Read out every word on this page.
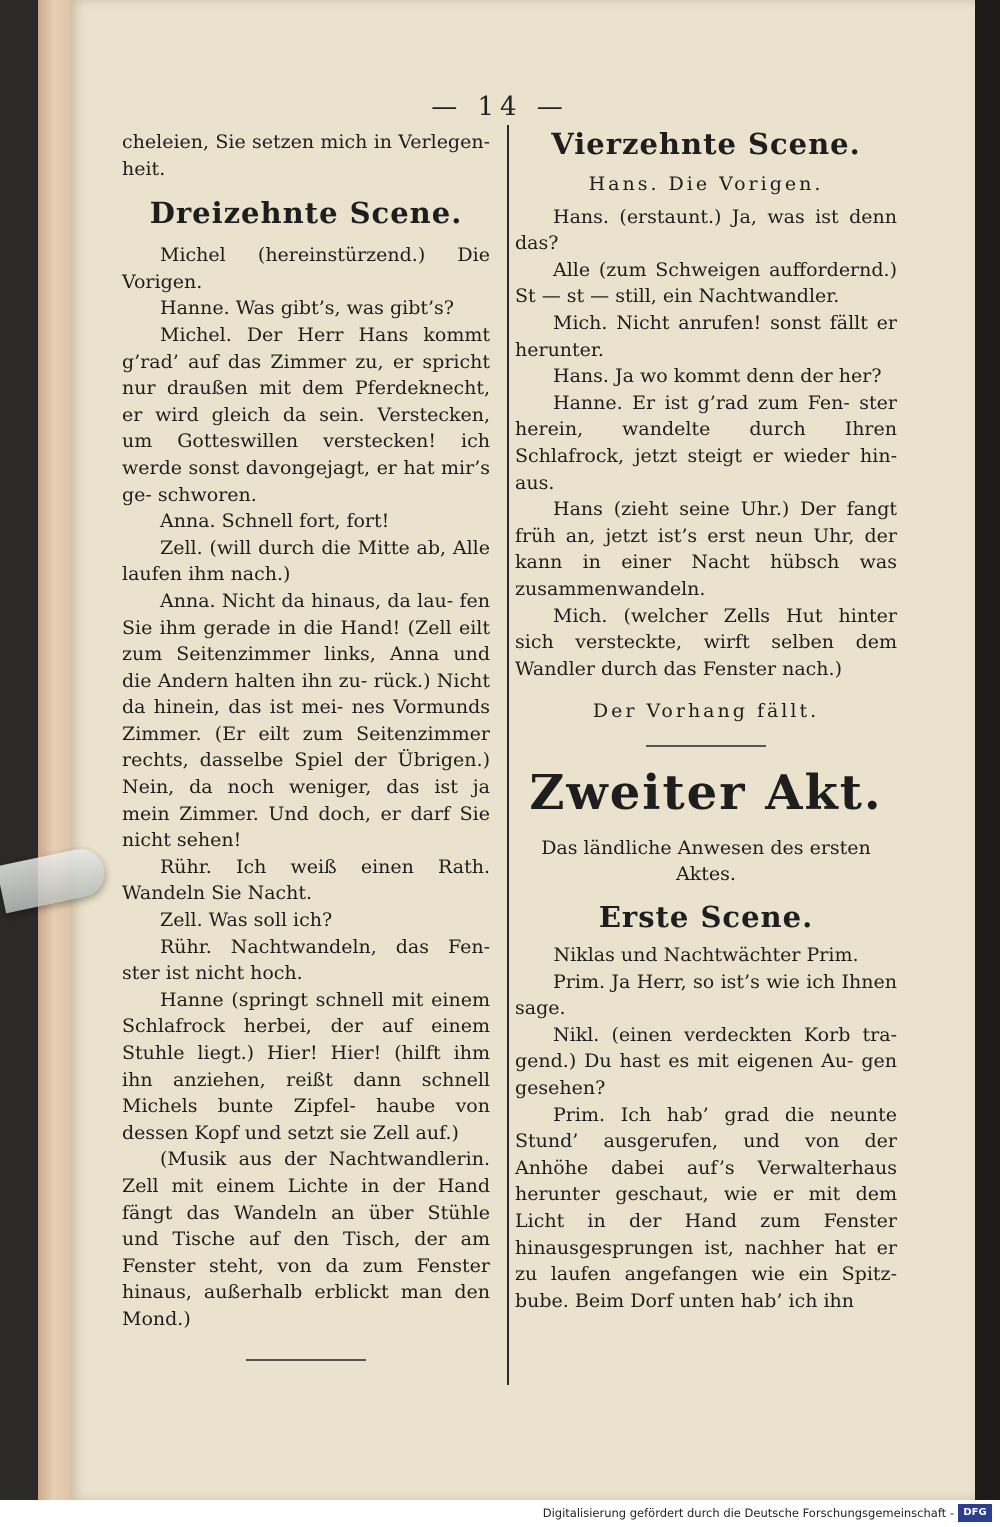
— 14 —

cheleien, Sie setzen mich in Verlegen- heit.

Dreizehnte Scene.

Michel (hereinstürzend.) Die Vorigen.

Hanne. Was gibt’s, was gibt’s?

Michel. Der Herr Hans kommt g’rad’ auf das Zimmer zu, er spricht nur draußen mit dem Pferdeknecht, er wird gleich da sein. Verstecken, um Gotteswillen verstecken! ich werde sonst davongejagt, er hat mir’s ge- schworen.

Anna. Schnell fort, fort!

Zell. (will durch die Mitte ab, Alle laufen ihm nach.)

Anna. Nicht da hinaus, da lau- fen Sie ihm gerade in die Hand! (Zell eilt zum Seitenzimmer links, Anna und die Andern halten ihn zu- rück.) Nicht da hinein, das ist mei- nes Vormunds Zimmer. (Er eilt zum Seitenzimmer rechts, dasselbe Spiel der Übrigen.) Nein, da noch weniger, das ist ja mein Zimmer. Und doch, er darf Sie nicht sehen!

Rühr. Ich weiß einen Rath. Wandeln Sie Nacht.

Zell. Was soll ich?

Rühr. Nachtwandeln, das Fen- ster ist nicht hoch.

Hanne (springt schnell mit einem Schlafrock herbei, der auf einem Stuhle liegt.) Hier! Hier! (hilft ihm ihn anziehen, reißt dann schnell Michels bunte Zipfel- haube von dessen Kopf und setzt sie Zell auf.)

(Musik aus der Nachtwandlerin. Zell mit einem Lichte in der Hand fängt das Wandeln an über Stühle und Tische auf den Tisch, der am Fenster steht, von da zum Fenster hinaus, außerhalb erblickt man den Mond.)

Vierzehnte Scene.

Hans. Die Vorigen.

Hans. (erstaunt.) Ja, was ist denn das?

Alle (zum Schweigen auffordernd.) St — st — still, ein Nachtwandler.

Mich. Nicht anrufen! sonst fällt er herunter.

Hans. Ja wo kommt denn der her?

Hanne. Er ist g’rad zum Fen- ster herein, wandelte durch Ihren Schlafrock, jetzt steigt er wieder hin- aus.

Hans (zieht seine Uhr.) Der fangt früh an, jetzt ist’s erst neun Uhr, der kann in einer Nacht hübsch was zusammenwandeln.

Mich. (welcher Zells Hut hinter sich versteckte, wirft selben dem Wandler durch das Fenster nach.)

Der Vorhang fällt.

Zweiter Akt.

Das ländliche Anwesen des ersten Aktes.

Erste Scene.

Niklas und Nachtwächter Prim.

Prim. Ja Herr, so ist’s wie ich Ihnen sage.

Nikl. (einen verdeckten Korb tra- gend.) Du hast es mit eigenen Au- gen gesehen?

Prim. Ich hab’ grad die neunte Stund’ ausgerufen, und von der Anhöhe dabei auf’s Verwalterhaus herunter geschaut, wie er mit dem Licht in der Hand zum Fenster hinausgesprungen ist, nachher hat er zu laufen angefangen wie ein Spitz- bube. Beim Dorf unten hab’ ich ihn

Digitalisierung gefördert durch die Deutsche Forschungsgemeinschaft - DFG
